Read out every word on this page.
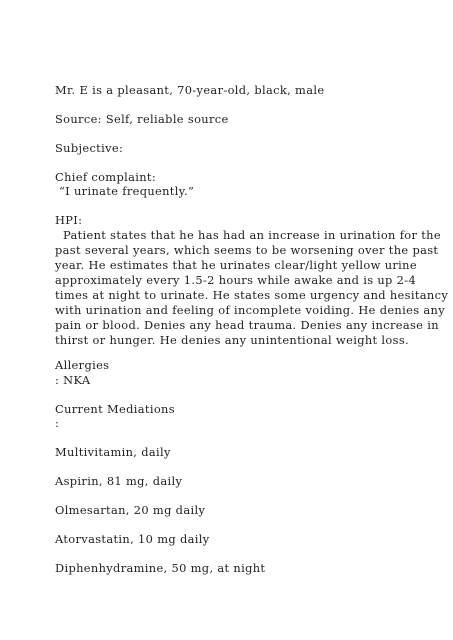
Mr. E is a pleasant, 70-year-old, black, male

Source: Self, reliable source

Subjective:

Chief complaint:

“I urinate frequently.”

HPI:

Patient states that he has had an increase in urination for the

past several years, which seems to be worsening over the past

year. He estimates that he urinates clear/light yellow urine

approximately every 1.5-2 hours while awake and is up 2-4

times at night to urinate. He states some urgency and hesitancy

with urination and feeling of incomplete voiding. He denies any

pain or blood. Denies any head trauma. Denies any increase in

thirst or hunger. He denies any unintentional weight loss.

Allergies

: NKA

Current Mediations

:

Multivitamin, daily

Aspirin, 81 mg, daily

Olmesartan, 20 mg daily

Atorvastatin, 10 mg daily

Diphenhydramine, 50 mg, at night
